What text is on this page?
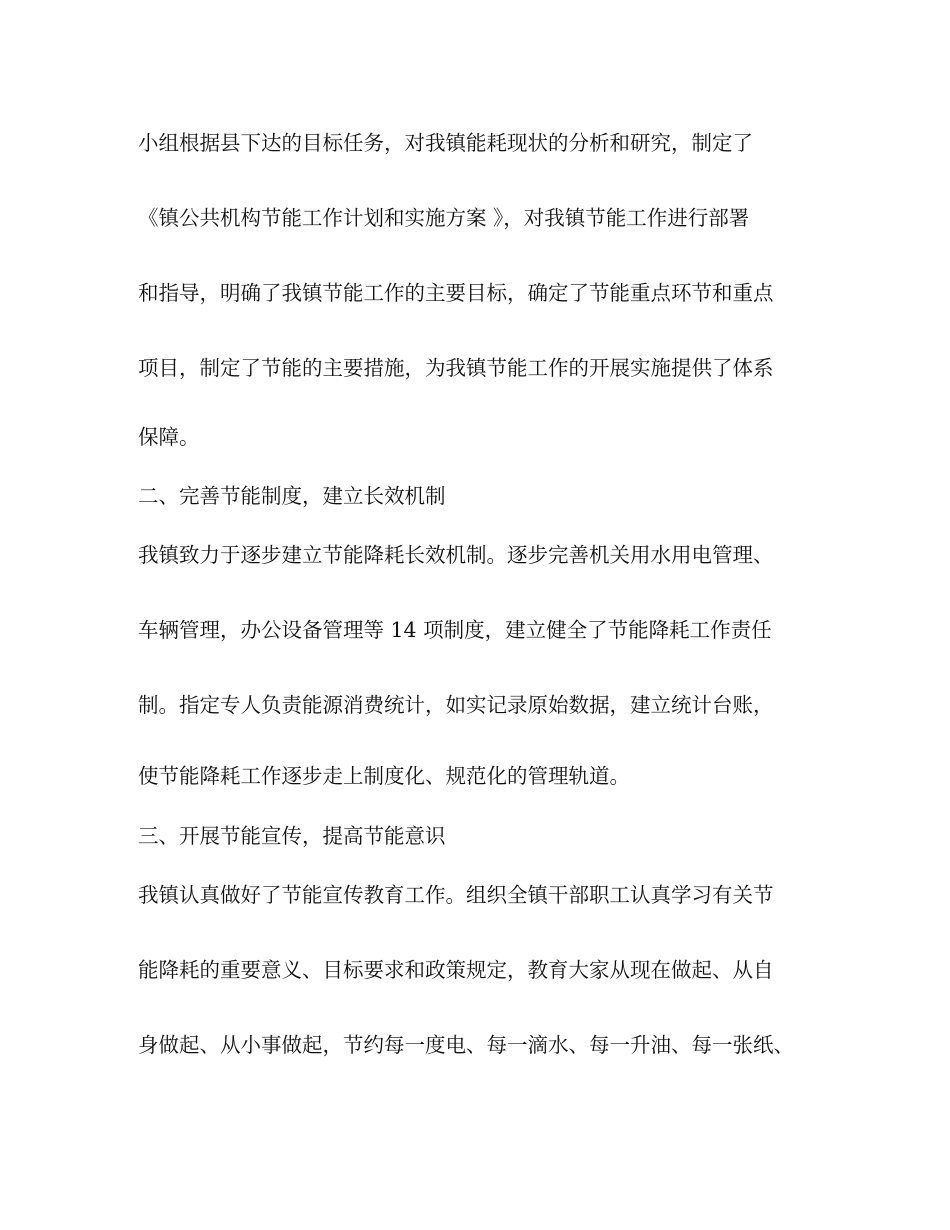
小组根据县下达的目标任务，对我镇能耗现状的分析和研究，制定了
《镇公共机构节能工作计划和实施方案 》，对我镇节能工作进行部署
和指导，明确了我镇节能工作的主要目标，确定了节能重点环节和重点
项目，制定了节能的主要措施，为我镇节能工作的开展实施提供了体系
保障。
二、完善节能制度，建立长效机制
我镇致力于逐步建立节能降耗长效机制。逐步完善机关用水用电管理、
车辆管理，办公设备管理等 14 项制度，建立健全了节能降耗工作责任
制。指定专人负责能源消费统计，如实记录原始数据，建立统计台账，
使节能降耗工作逐步走上制度化、规范化的管理轨道。
三、开展节能宣传，提高节能意识
我镇认真做好了节能宣传教育工作。组织全镇干部职工认真学习有关节
能降耗的重要意义、目标要求和政策规定，教育大家从现在做起、从自
身做起、从小事做起，节约每一度电、每一滴水、每一升油、每一张纸、
